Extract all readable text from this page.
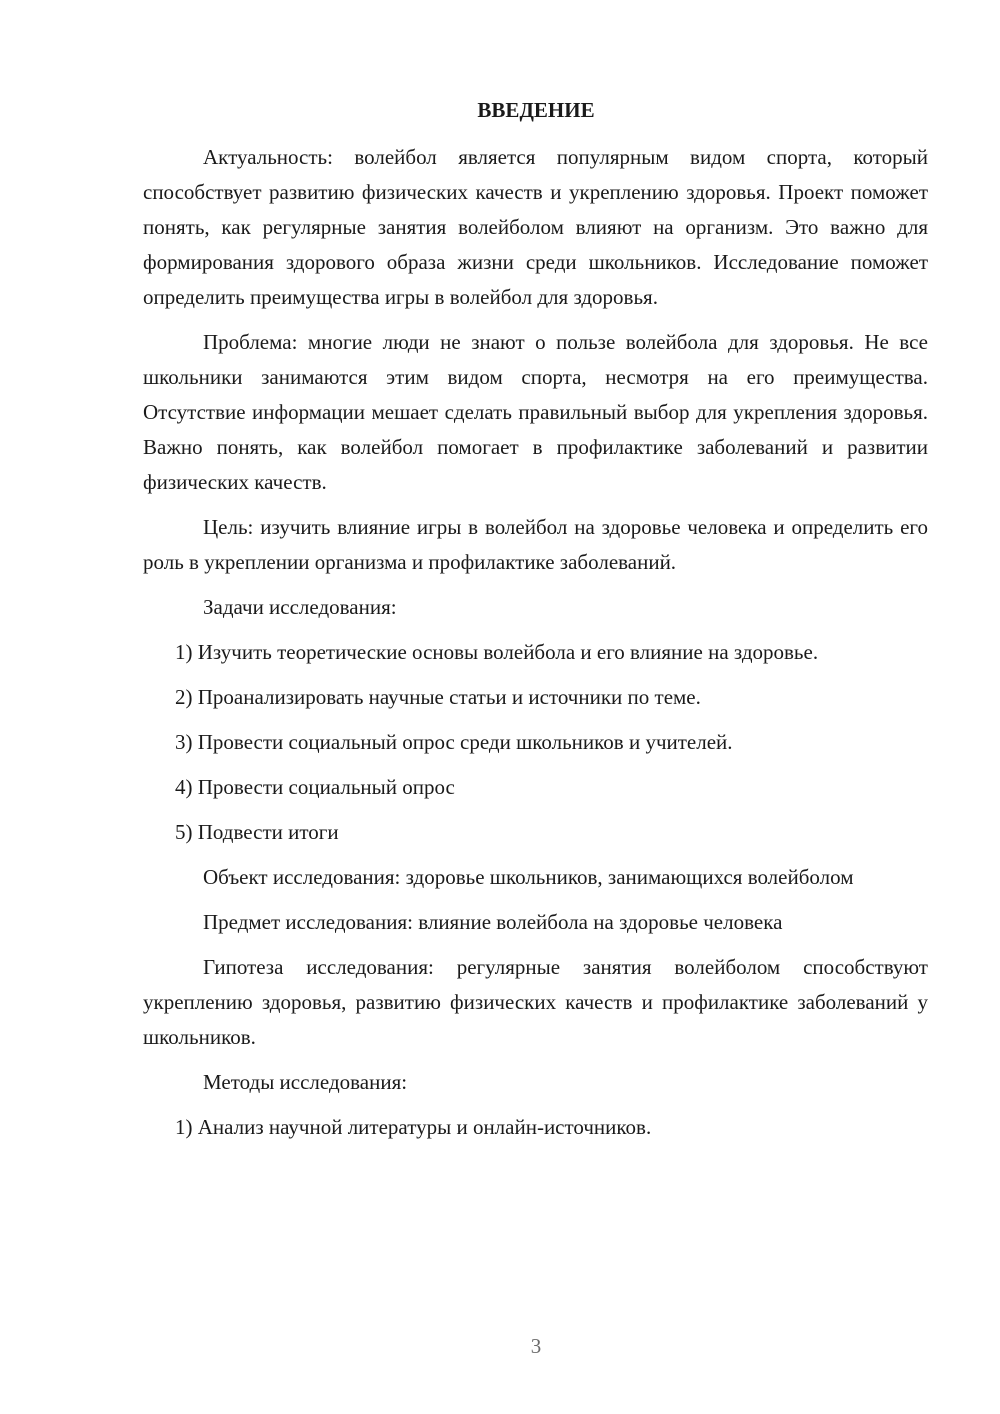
ВВЕДЕНИЕ

Актуальность: волейбол является популярным видом спорта, который способствует развитию физических качеств и укреплению здоровья. Проект поможет понять, как регулярные занятия волейболом влияют на организм. Это важно для формирования здорового образа жизни среди школьников. Исследование поможет определить преимущества игры в волейбол для здоровья.

Проблема: многие люди не знают о пользе волейбола для здоровья. Не все школьники занимаются этим видом спорта, несмотря на его преимущества. Отсутствие информации мешает сделать правильный выбор для укрепления здоровья. Важно понять, как волейбол помогает в профилактике заболеваний и развитии физических качеств.

Цель: изучить влияние игры в волейбол на здоровье человека и определить его роль в укреплении организма и профилактике заболеваний.

Задачи исследования:

1) Изучить теоретические основы волейбола и его влияние на здоровье.

2) Проанализировать научные статьи и источники по теме.

3) Провести социальный опрос среди школьников и учителей.

4) Провести социальный опрос

5) Подвести итоги

Объект исследования: здоровье школьников, занимающихся волейболом

Предмет исследования: влияние волейбола на здоровье человека

Гипотеза исследования: регулярные занятия волейболом способствуют укреплению здоровья, развитию физических качеств и профилактике заболеваний у школьников.

Методы исследования:

1) Анализ научной литературы и онлайн-источников.

3
